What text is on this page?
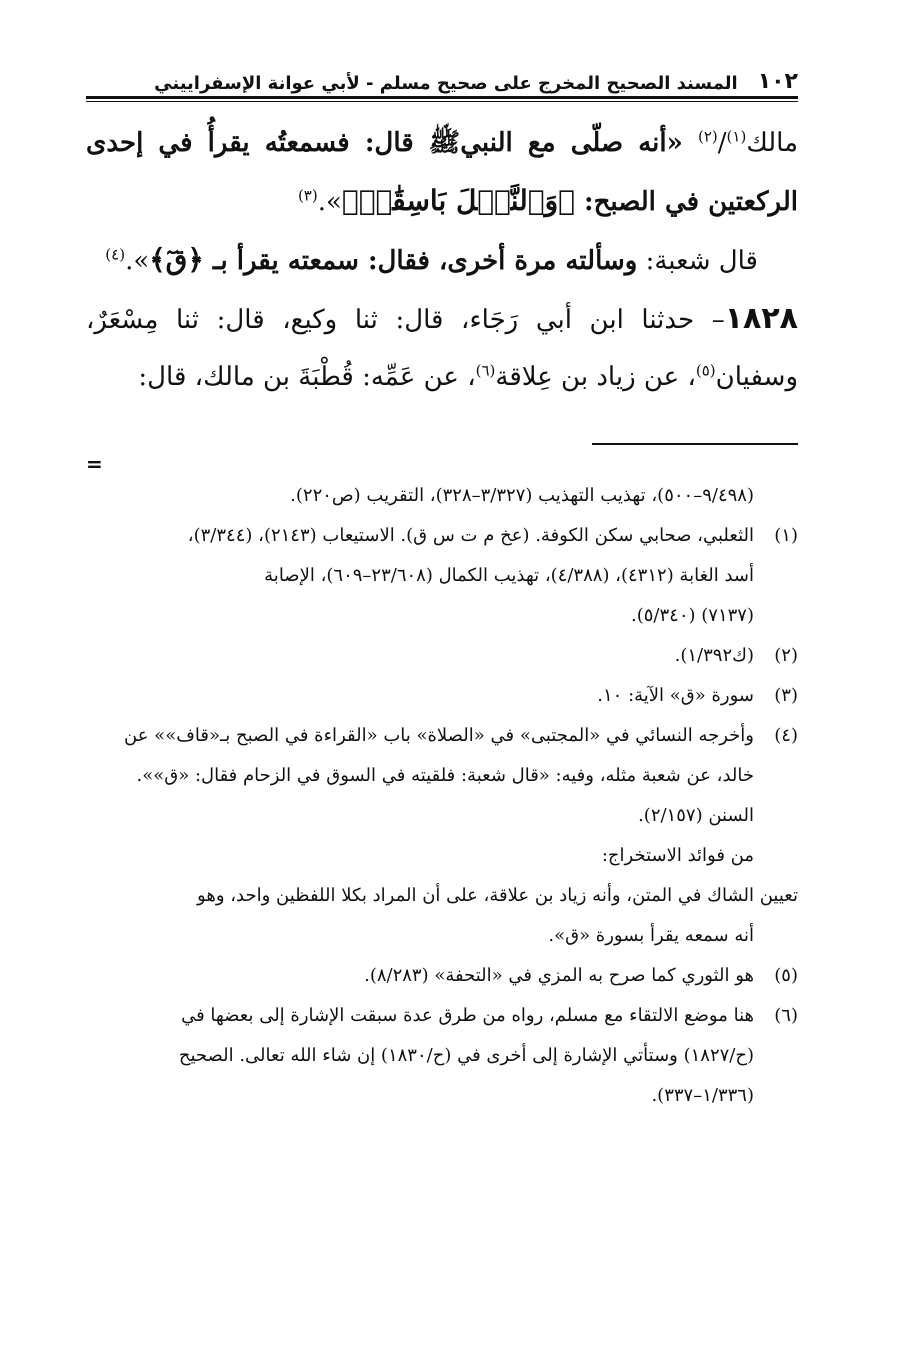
١٠٢
المسند الصحيح المخرج على صحيح مسلم - لأبي عوانة الإسفراييني

مالك$^{(١)}$/$^{(٢)}$ «أنه صلّى مع النبيﷺ قال: فسمعتُه يقرأُ في إحدى الركعتين في الصبح: ﴿وَٱلنَّخۡلَ بَاسِقَٰتٖ﴾».$^{(٣)}$

قال شعبة: وسألته مرة أخرى، فقال: سمعته يقرأ بـ ﴿قٓ﴾».$^{(٤)}$

١٨٢٨– حدثنا ابن أبي رَجَاء، قال: ثنا وكيع، قال: ثنا مِسْعَرٌ، وسفيان$^{(٥)}$، عن زياد بن عِلاقة$^{(٦)}$، عن عَمِّه: قُطْبَةَ بن مالك، قال:

=

(٩/٤٩٨–٥٠٠)، تهذيب التهذيب (٣/٣٢٧–٣٢٨)، التقريب (ص٢٢٠).

(١)
الثعلبي، صحابي سكن الكوفة. (عخ م ت س ق). الاستيعاب (٢١٤٣)، (٣/٣٤٤)،

أسد الغابة (٤٣١٢)، (٤/٣٨٨)، تهذيب الكمال (٢٣/٦٠٨–٦٠٩)، الإصابة

(٧١٣٧) (٥/٣٤٠).

(٢)
(ك١/٣٩٢).
(٣)
سورة «ق» الآية: ١٠.
(٤)
وأخرجه النسائي في «المجتبى» في «الصلاة» باب «القراءة في الصبح بـ«قاف»» عن

خالد، عن شعبة مثله، وفيه: «قال شعبة: فلقيته في السوق في الزحام فقال: «ق»».

السنن (٢/١٥٧).

من فوائد الاستخراج:

تعيين الشاك في المتن، وأنه زياد بن علاقة، على أن المراد بكلا اللفظين واحد، وهو

أنه سمعه يقرأ بسورة «ق».

(٥)
هو الثوري كما صرح به المزي في «التحفة» (٨/٢٨٣).
(٦)
هنا موضع الالتقاء مع مسلم، رواه من طرق عدة سبقت الإشارة إلى بعضها في

(ح/١٨٢٧) وستأتي الإشارة إلى أخرى في (ح/١٨٣٠) إن شاء الله تعالى. الصحيح

(١/٣٣٦–٣٣٧).
